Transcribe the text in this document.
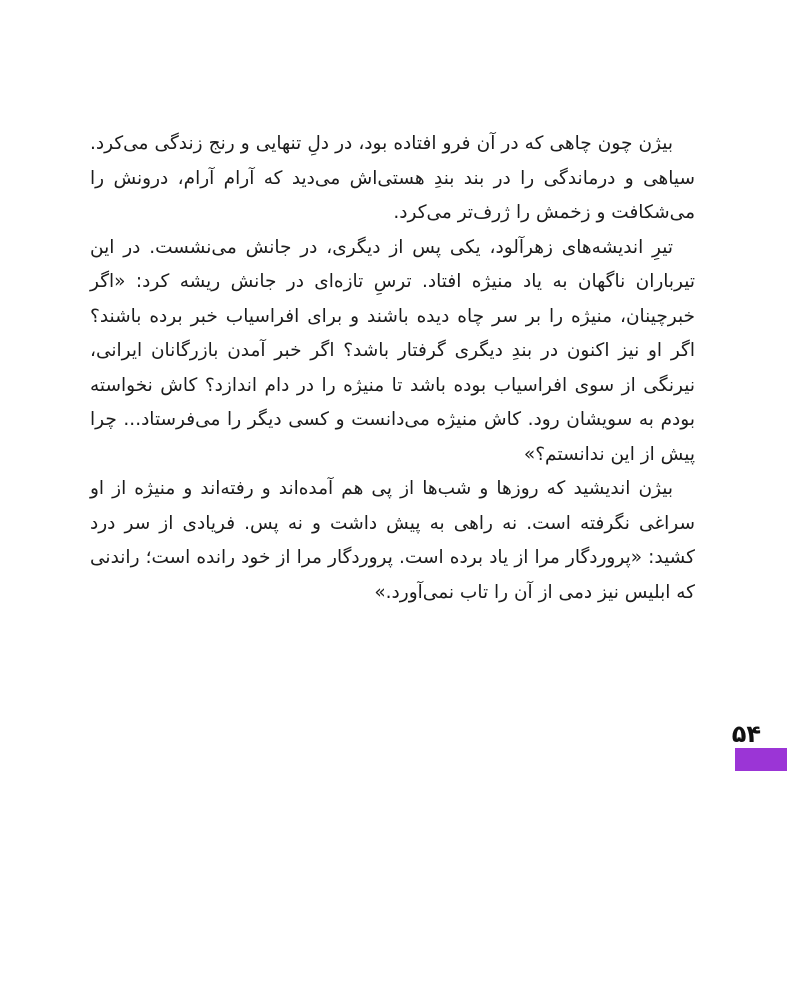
بیژن چون چاهی که در آن فرو افتاده بود، در دلِ تنهایی و رنج زندگی می‌کرد. سیاهی و درماندگی را در بند بندِ هستی‌اش می‌دید که آرام آرام، درونش را می‌شکافت و زخمش را ژرف‌تر می‌کرد.

تیرِ اندیشه‌های زهرآلود، یکی پس از دیگری، در جانش می‌نشست. در این تیرباران ناگهان به یاد منیژه افتاد. ترسِ تازه‌ای در جانش ریشه کرد: «اگر خبرچینان، منیژه را بر سر چاه دیده باشند و برای افراسیاب خبر برده باشند؟ اگر او نیز اکنون در بندِ دیگری گرفتار باشد؟ اگر خبر آمدن بازرگانان ایرانی، نیرنگی از سوی افراسیاب بوده باشد تا منیژه را در دام اندازد؟ کاش نخواسته بودم به سویشان رود. کاش منیژه می‌دانست و کسی دیگر را می‌فرستاد... چرا پیش از این ندانستم؟»

بیژن اندیشید که روزها و شب‌ها از پی هم آمده‌اند و رفته‌اند و منیژه از او سراغی نگرفته است. نه راهی به پیش داشت و نه پس. فریادی از سر درد کشید: «پروردگار مرا از یاد برده است. پروردگار مرا از خود رانده است؛ راندنی که ابلیس نیز دمی از آن را تاب نمی‌آورد.»

۵۴
